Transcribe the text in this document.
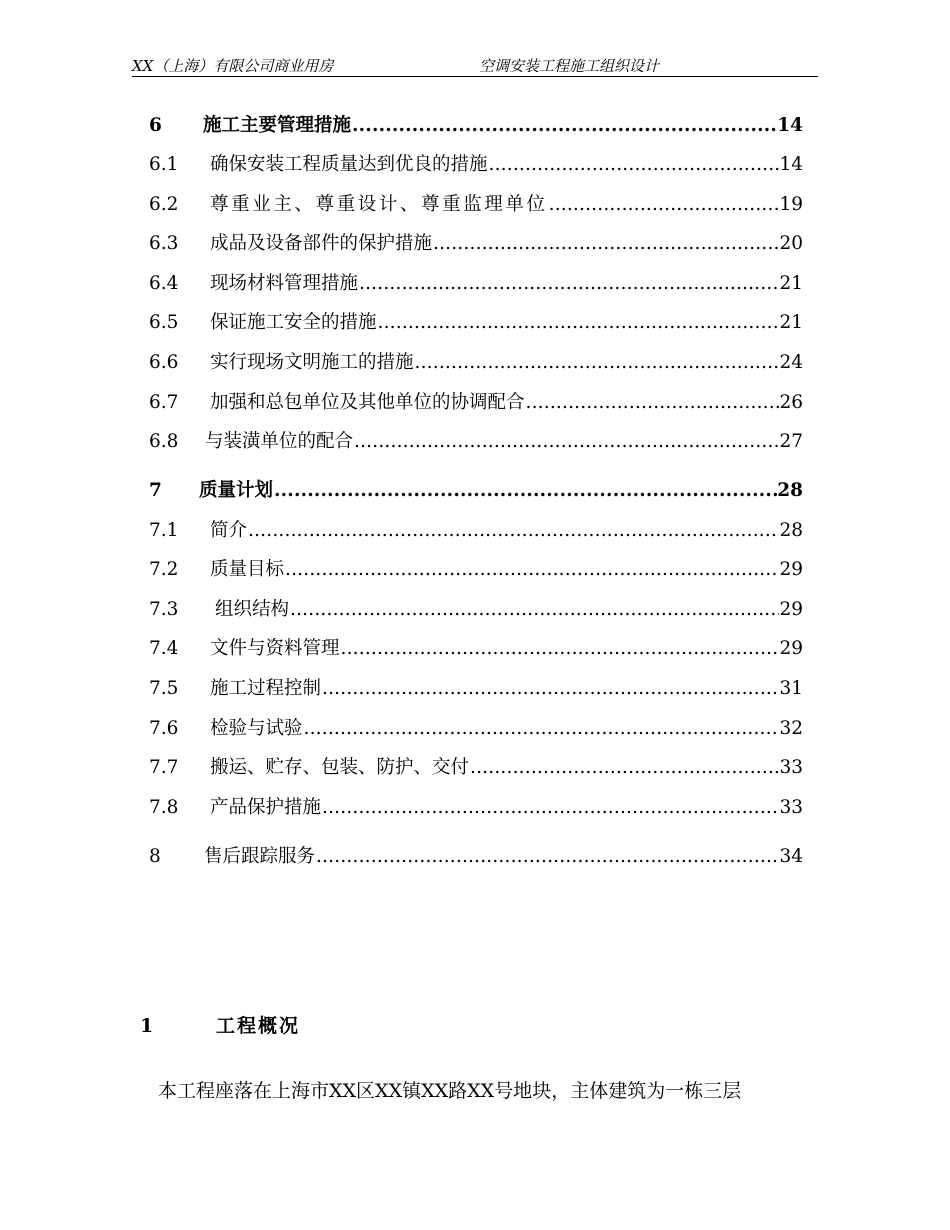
XX（上海）有限公司商业用房	空调安装工程施工组织设计
6	施工主要管理措施 .....	14
6.1	确保安装工程质量达到优良的措施 .....	14
6.2	尊重业主、尊重设计、尊重监理单位 .....	19
6.3	成品及设备部件的保护措施 .....	20
6.4	现场材料管理措施 .....	21
6.5	保证施工安全的措施 .....	21
6.6	实行现场文明施工的措施 .....	24
6.7	加强和总包单位及其他单位的协调配合 .....	26
6.8	与装潢单位的配合 .....	27
7	质量计划 .....	28
7.1	简介 .....	28
7.2	质量目标 .....	29
7.3	组织结构 .....	29
7.4	文件与资料管理 .....	29
7.5	施工过程控制 .....	31
7.6	检验与试验 .....	32
7.7	搬运、贮存、包装、防护、交付 .....	33
7.8	产品保护措施 .....	33
8	售后跟踪服务 .....	34
1	工程概况
本工程座落在上海市XX区XX镇XX路XX号地块，主体建筑为一栋三层
